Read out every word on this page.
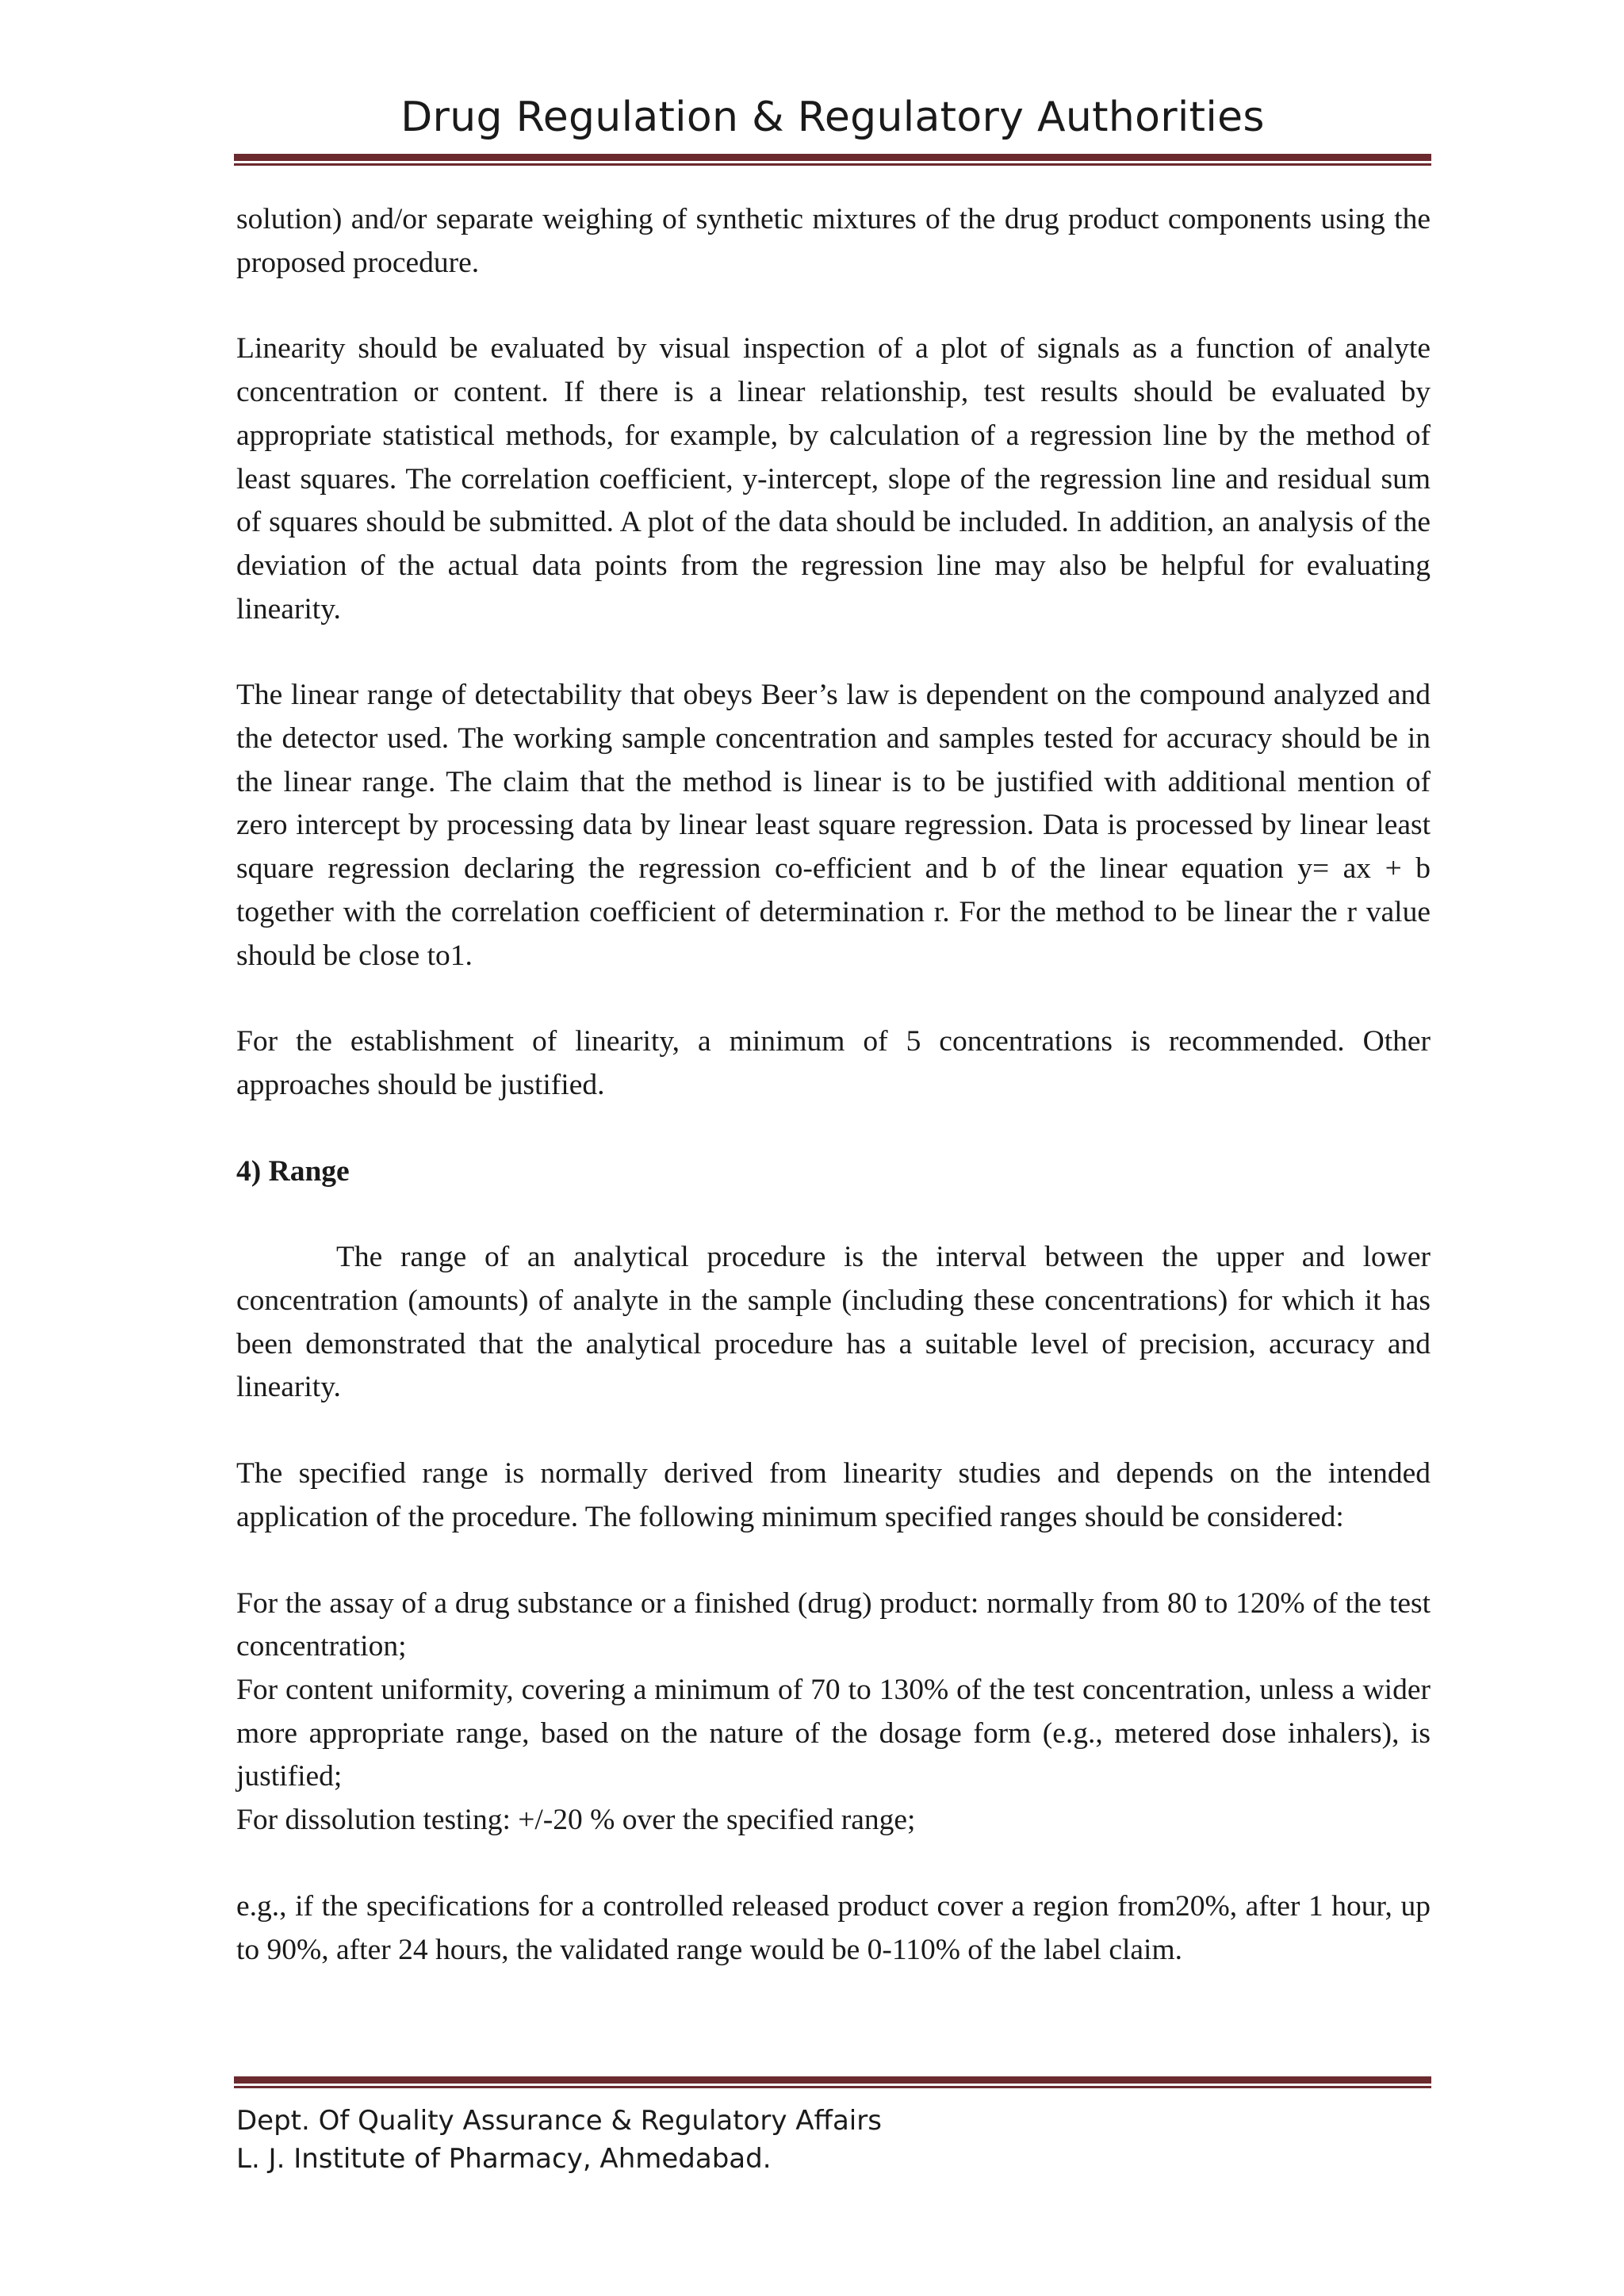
Drug Regulation & Regulatory Authorities

solution) and/or separate weighing of synthetic mixtures of the drug product components using the proposed procedure.

Linearity should be evaluated by visual inspection of a plot of signals as a function of analyte concentration or content. If there is a linear relationship, test results should be evaluated by appropriate statistical methods, for example, by calculation of a regression line by the method of least squares. The correlation coefficient, y-intercept, slope of the regression line and residual sum of squares should be submitted. A plot of the data should be included. In addition, an analysis of the deviation of the actual data points from the regression line may also be helpful for evaluating linearity.

The linear range of detectability that obeys Beer’s law is dependent on the compound analyzed and the detector used. The working sample concentration and samples tested for accuracy should be in the linear range. The claim that the method is linear is to be justified with additional mention of zero intercept by processing data by linear least square regression. Data is processed by linear least square regression declaring the regression co-efficient and b of the linear equation y= ax + b together with the correlation coefficient of determination r. For the method to be linear the r value should be close to1.

For the establishment of linearity, a minimum of 5 concentrations is recommended. Other approaches should be justified.

4) Range

The range of an analytical procedure is the interval between the upper and lower concentration (amounts) of analyte in the sample (including these concentrations) for which it has been demonstrated that the analytical procedure has a suitable level of precision, accuracy and linearity.

The specified range is normally derived from linearity studies and depends on the intended application of the procedure. The following minimum specified ranges should be considered:

For the assay of a drug substance or a finished (drug) product: normally from 80 to 120% of the test concentration;

For content uniformity, covering a minimum of 70 to 130% of the test concentration, unless a wider more appropriate range, based on the nature of the dosage form (e.g., metered dose inhalers), is justified;

For dissolution testing: +/-20 % over the specified range;

e.g., if the specifications for a controlled released product cover a region from20%, after 1 hour, up to 90%, after 24 hours, the validated range would be 0-110% of the label claim.

Dept. Of Quality Assurance & Regulatory Affairs
L. J. Institute of Pharmacy, Ahmedabad.
